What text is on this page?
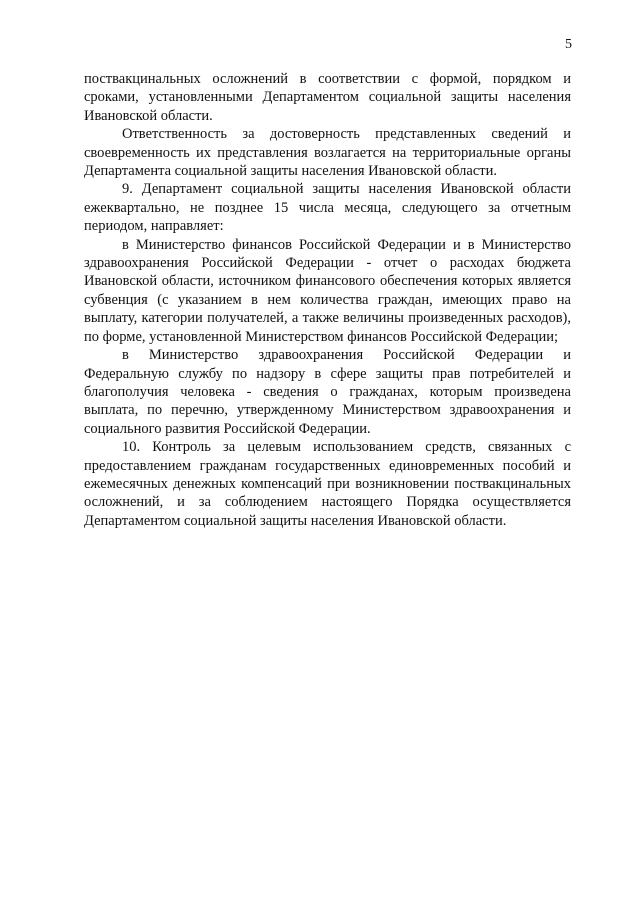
5

поствакцинальных осложнений в соответствии с формой, порядком и сроками, установленными Департаментом социальной защиты населения Ивановской области.

Ответственность за достоверность представленных сведений и своевременность их представления возлагается на территориальные органы Департамента социальной защиты населения Ивановской области.

9. Департамент социальной защиты населения Ивановской области ежеквартально, не позднее 15 числа месяца, следующего за отчетным периодом, направляет:

в Министерство финансов Российской Федерации и в Министерство здравоохранения Российской Федерации - отчет о расходах бюджета Ивановской области, источником финансового обеспечения которых является субвенция (с указанием в нем количества граждан, имеющих право на выплату, категории получателей, а также величины произведенных расходов), по форме, установленной Министерством финансов Российской Федерации;

в Министерство здравоохранения Российской Федерации и Федеральную службу по надзору в сфере защиты прав потребителей и благополучия человека - сведения о гражданах, которым произведена выплата, по перечню, утвержденному Министерством здравоохранения и социального развития Российской Федерации.

10. Контроль за целевым использованием средств, связанных с предоставлением гражданам государственных единовременных пособий и ежемесячных денежных компенсаций при возникновении поствакцинальных осложнений, и за соблюдением настоящего Порядка осуществляется Департаментом социальной защиты населения Ивановской области.
